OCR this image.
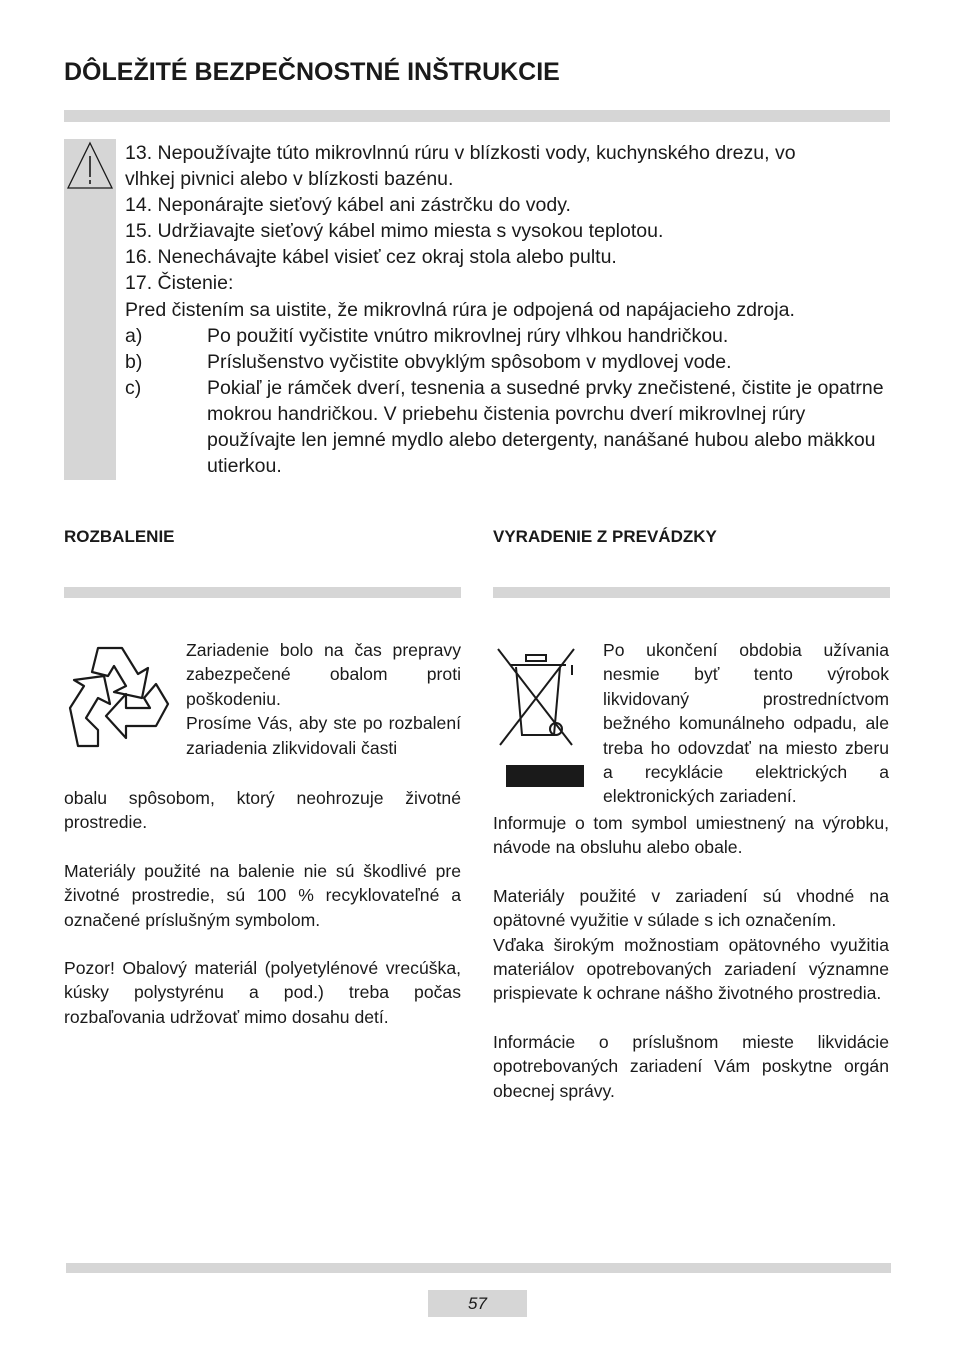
DÔLEŽITÉ BEZPEČNOSTNÉ INŠTRUKCIE
13. Nepoužívajte túto mikrovlnnú rúru v blízkosti vody, kuchynského drezu, vo
vlhkej pivnici alebo v blízkosti bazénu.
14. Neponárajte sieťový kábel ani zástrčku do vody.
15. Udržiavajte sieťový kábel mimo miesta s vysokou teplotou.
16. Nenechávajte kábel visieť cez okraj stola alebo pultu.
17. Čistenie:
Pred čistením sa uistite, že mikrovlná rúra je odpojená od napájacieho zdroja.
a)	Po použití vyčistite vnútro mikrovlnej rúry vlhkou handričkou.
b)	Príslušenstvo vyčistite obvyklým spôsobom v mydlovej vode.
c)	Pokiaľ je rámček dverí, tesnenia a susedné prvky znečistené, čistite je opatrne mokrou handričkou. V priebehu čistenia povrchu dverí mikrovlnej rúry používajte len jemné mydlo alebo detergenty, nanášané hubou alebo mäkkou utierkou.
ROZBALENIE

Zariadenie bolo na čas prepravy zabezpečené obalom proti poškodeniu.

Prosíme Vás, aby ste po rozbalení zariadenia zlikvidovali časti

obalu spôsobom, ktorý neohrozuje životné prostredie.

Materiály použité na balenie nie sú škodlivé pre životné prostredie, sú 100 % recyklovateľné a označené príslušným symbolom.

Pozor! Obalový materiál (polyetylénové vrecúška, kúsky polystyrénu a pod.) treba počas rozbaľovania udržovať mimo dosahu detí.

VYRADENIE Z PREVÁDZKY

Po ukončení obdobia užívania nesmie byť tento výrobok likvidovaný prostredníctvom bežného komunálneho odpadu, ale treba ho odovzdať na miesto zberu a recyklácie elektrických a elektronických zariadení.

Informuje o tom symbol umiestnený na výrobku, návode na obsluhu alebo obale.

Materiály použité v zariadení sú vhodné na opätovné využitie v súlade s ich označením.

Vďaka širokým možnostiam opätovného využitia materiálov opotrebovaných zariadení významne prispievate k ochrane nášho životného prostredia.

Informácie o príslušnom mieste likvidácie opotrebovaných zariadení Vám poskytne orgán obecnej správy.

57
